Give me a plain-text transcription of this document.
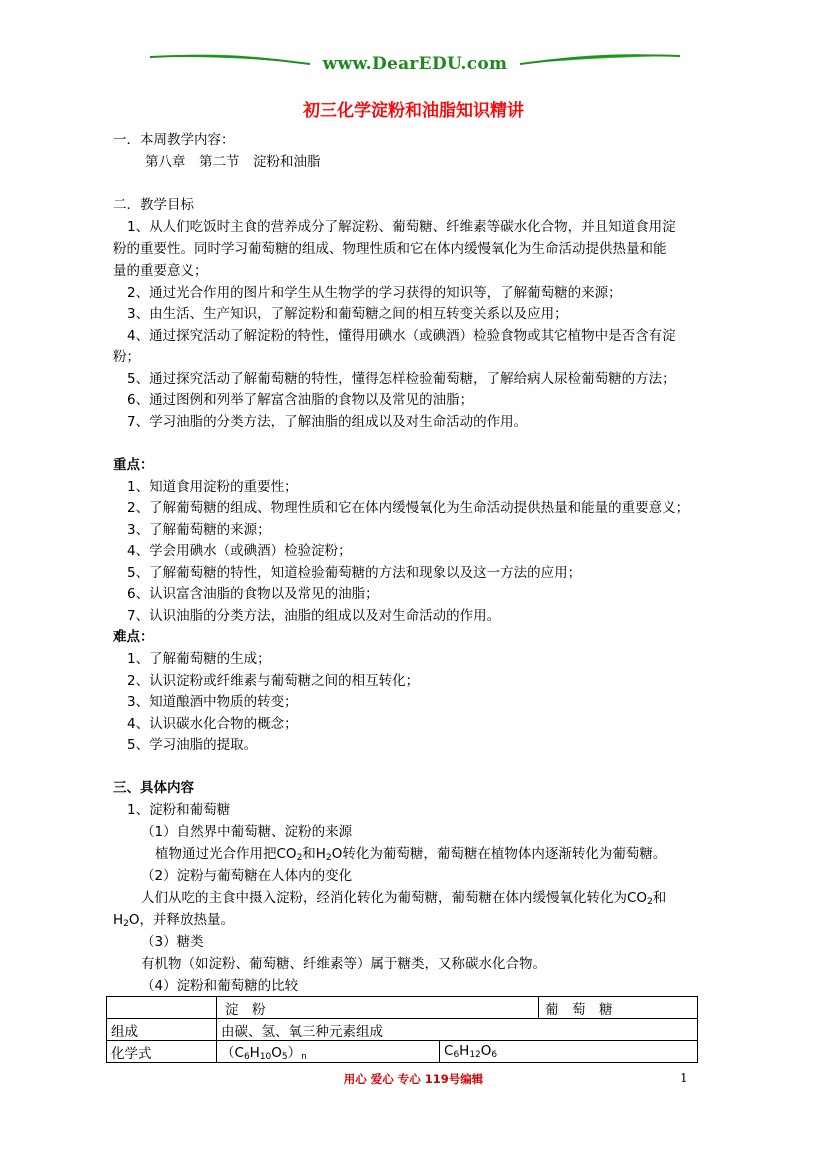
www.DearEDU.com
初三化学淀粉和油脂知识精讲
一．本周教学内容：
第八章　第二节　淀粉和油脂
二．教学目标
1、从人们吃饭时主食的营养成分了解淀粉、葡萄糖、纤维素等碳水化合物，并且知道食用淀
粉的重要性。同时学习葡萄糖的组成、物理性质和它在体内缓慢氧化为生命活动提供热量和能
量的重要意义；
2、通过光合作用的图片和学生从生物学的学习获得的知识等，了解葡萄糖的来源；
3、由生活、生产知识，了解淀粉和葡萄糖之间的相互转变关系以及应用；
4、通过探究活动了解淀粉的特性，懂得用碘水（或碘酒）检验食物或其它植物中是否含有淀
粉；
5、通过探究活动了解葡萄糖的特性，懂得怎样检验葡萄糖，了解给病人尿检葡萄糖的方法；
6、通过图例和列举了解富含油脂的食物以及常见的油脂；
7、学习油脂的分类方法，了解油脂的组成以及对生命活动的作用。
重点：
1、知道食用淀粉的重要性；
2、了解葡萄糖的组成、物理性质和它在体内缓慢氧化为生命活动提供热量和能量的重要意义；
3、了解葡萄糖的来源；
4、学会用碘水（或碘酒）检验淀粉；
5、了解葡萄糖的特性，知道检验葡萄糖的方法和现象以及这一方法的应用；
6、认识富含油脂的食物以及常见的油脂；
7、认识油脂的分类方法，油脂的组成以及对生命活动的作用。
难点：
1、了解葡萄糖的生成；
2、认识淀粉或纤维素与葡萄糖之间的相互转化；
3、知道酿酒中物质的转变；
4、认识碳水化合物的概念；
5、学习油脂的提取。
三、具体内容
1、淀粉和葡萄糖
（1）自然界中葡萄糖、淀粉的来源
植物通过光合作用把$CO_2$和$H_2O$转化为葡萄糖，葡萄糖在植物体内逐渐转化为葡萄糖。
（2）淀粉与葡萄糖在人体内的变化
人们从吃的主食中摄入淀粉，经消化转化为葡萄糖，葡萄糖在体内缓慢氧化转化为$CO_2$和
$H_2O$，并释放热量。
（3）糖类
有机物（如淀粉、葡萄糖、纤维素等）属于糖类，又称碳水化合物。
（4）淀粉和葡萄糖的比较
	淀　粉		葡　萄　糖
组成	由碳、氢、氧三种元素组成		
化学式	$(C_6H_{10}O_5)_n$	$C_6H_{12}O_6$
用心 爱心 专心 119号编辑	1
